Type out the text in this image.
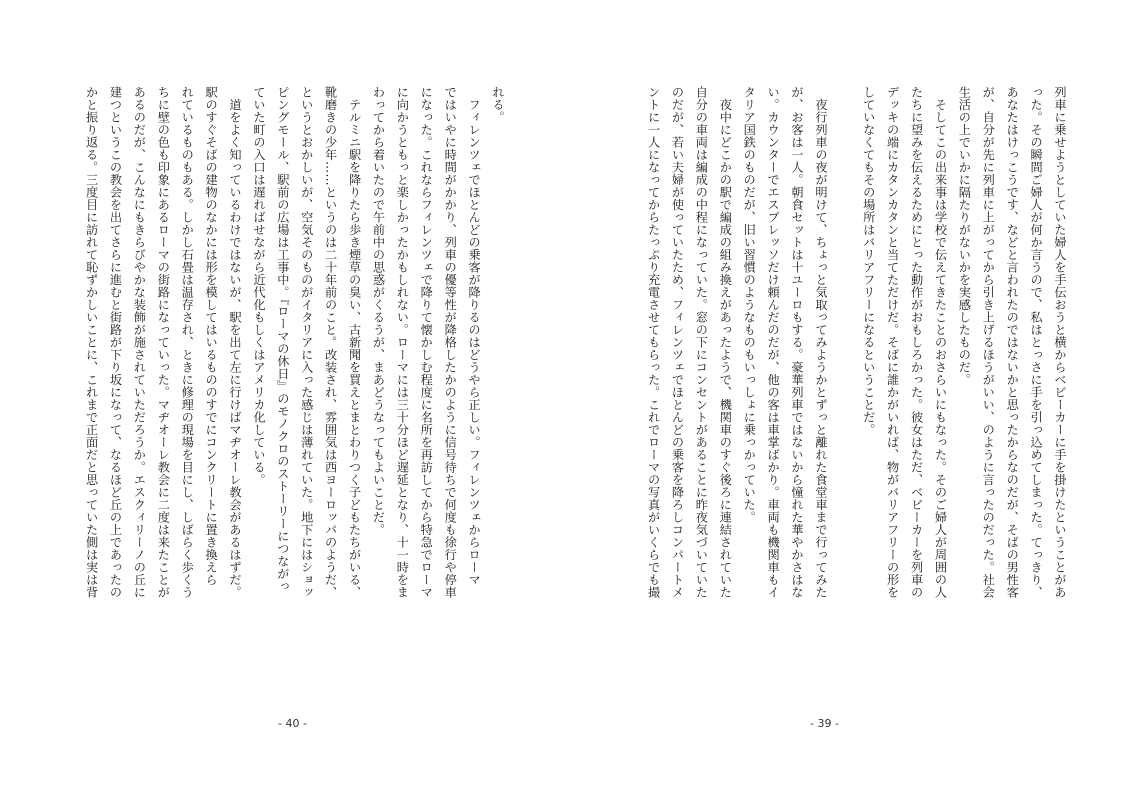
れる。
　フィレンツェでほとんどの乗客が降りるのはどうやら正しい。フィレンツェからローマ
ではいやに時間がかかり、列車の優等性が降格したかのように信号待ちで何度も徐行や停車
になった。これならフィレンツェで降りて懐かしむ程度に名所を再訪してから特急でローマ
に向かうともっと楽しかったかもしれない。ローマには三十分ほど遅延となり、十一時をま
わってから着いたので午前中の思惑がくるうが、まあどうなってもよいことだ。
　テルミニ駅を降りたら歩き煙草の臭い、古新聞を買えとまとわりつく子どもたちがいる、
靴磨きの少年……というのは二十年前のこと。改装され、雰囲気は西ヨーロッパのようだ、
というとおかしいが、空気そのものがイタリアに入った感じは薄れていた。地下にはショッ
ピングモール、駅前の広場は工事中。『ローマの休日』のモノクロのストーリーにつながっ
ていた町の入口は遅ればせながら近代化もしくはアメリカ化している。
　道をよく知っているわけではないが、駅を出て左に行けばマヂオーレ教会があるはずだ。
駅のすぐそばの建物のなかには形を模してはいるもののすでにコンクリートに置き換えら
れているものもある。しかし石畳は温存され、ときに修理の現場を目にし、しばらく歩くう
ちに壁の色も印象にあるローマの街路になっていった。マヂオーレ教会に二度は来たことが
あるのだが、こんなにもきらびやかな装飾が施されていただろうか。エスクィリーノの丘に
建つというこの教会を出てさらに進むと街路が下り坂になって、なるほど丘の上であったの
かと振り返る。三度目に訪れて恥ずかしいことに、これまで正面だと思っていた側は実は背
- 40 -
列車に乗せようとしていた婦人を手伝おうと横からベビーカーに手を掛けたということがあ
った。その瞬間ご婦人が何か言うので、私はとっさに手を引っ込めてしまった。てっきり、
あなたはけっこうです、などと言われたのではないかと思ったからなのだが、そばの男性客
が、自分が先に列車に上がってから引き上げるほうがいい、のように言ったのだった。社会
生活の上でいかに隔たりがないかを実感したものだ。
　そしてこの出来事は学校で伝えてきたことのおさらいにもなった。そのご婦人が周囲の人
たちに望みを伝えるためにとった動作がおもしろかった。彼女はただ、ベビーカーを列車の
デッキの端にカタンカタンと当てただけだ。そばに誰かがいれば、物がバリアフリーの形を
していなくてもその場所はバリアフリーになるということだ。

　夜行列車の夜が明けて、ちょっと気取ってみようかとずっと離れた食堂車まで行ってみた
が、お客は一人。朝食セットは十ユーロもする。豪華列車ではないから憧れた華やかさはな
い。カウンターでエスプレッソだけ頼んだのだが、他の客は車掌ばかり。車両も機関車もイ
タリア国鉄のものだが、旧い習慣のようなものもいっしょに乗っかっていた。
　夜中にどこかの駅で編成の組み換えがあったようで、機関車のすぐ後ろに連結されていた
自分の車両は編成の中程になっていた。窓の下にコンセントがあることに昨夜気づいていた
のだが、若い夫婦が使っていたため、フィレンツェでほとんどの乗客を降ろしコンパートメ
ントに一人になってからたっぷり充電させてもらった。これでローマの写真がいくらでも撮
- 39 -
